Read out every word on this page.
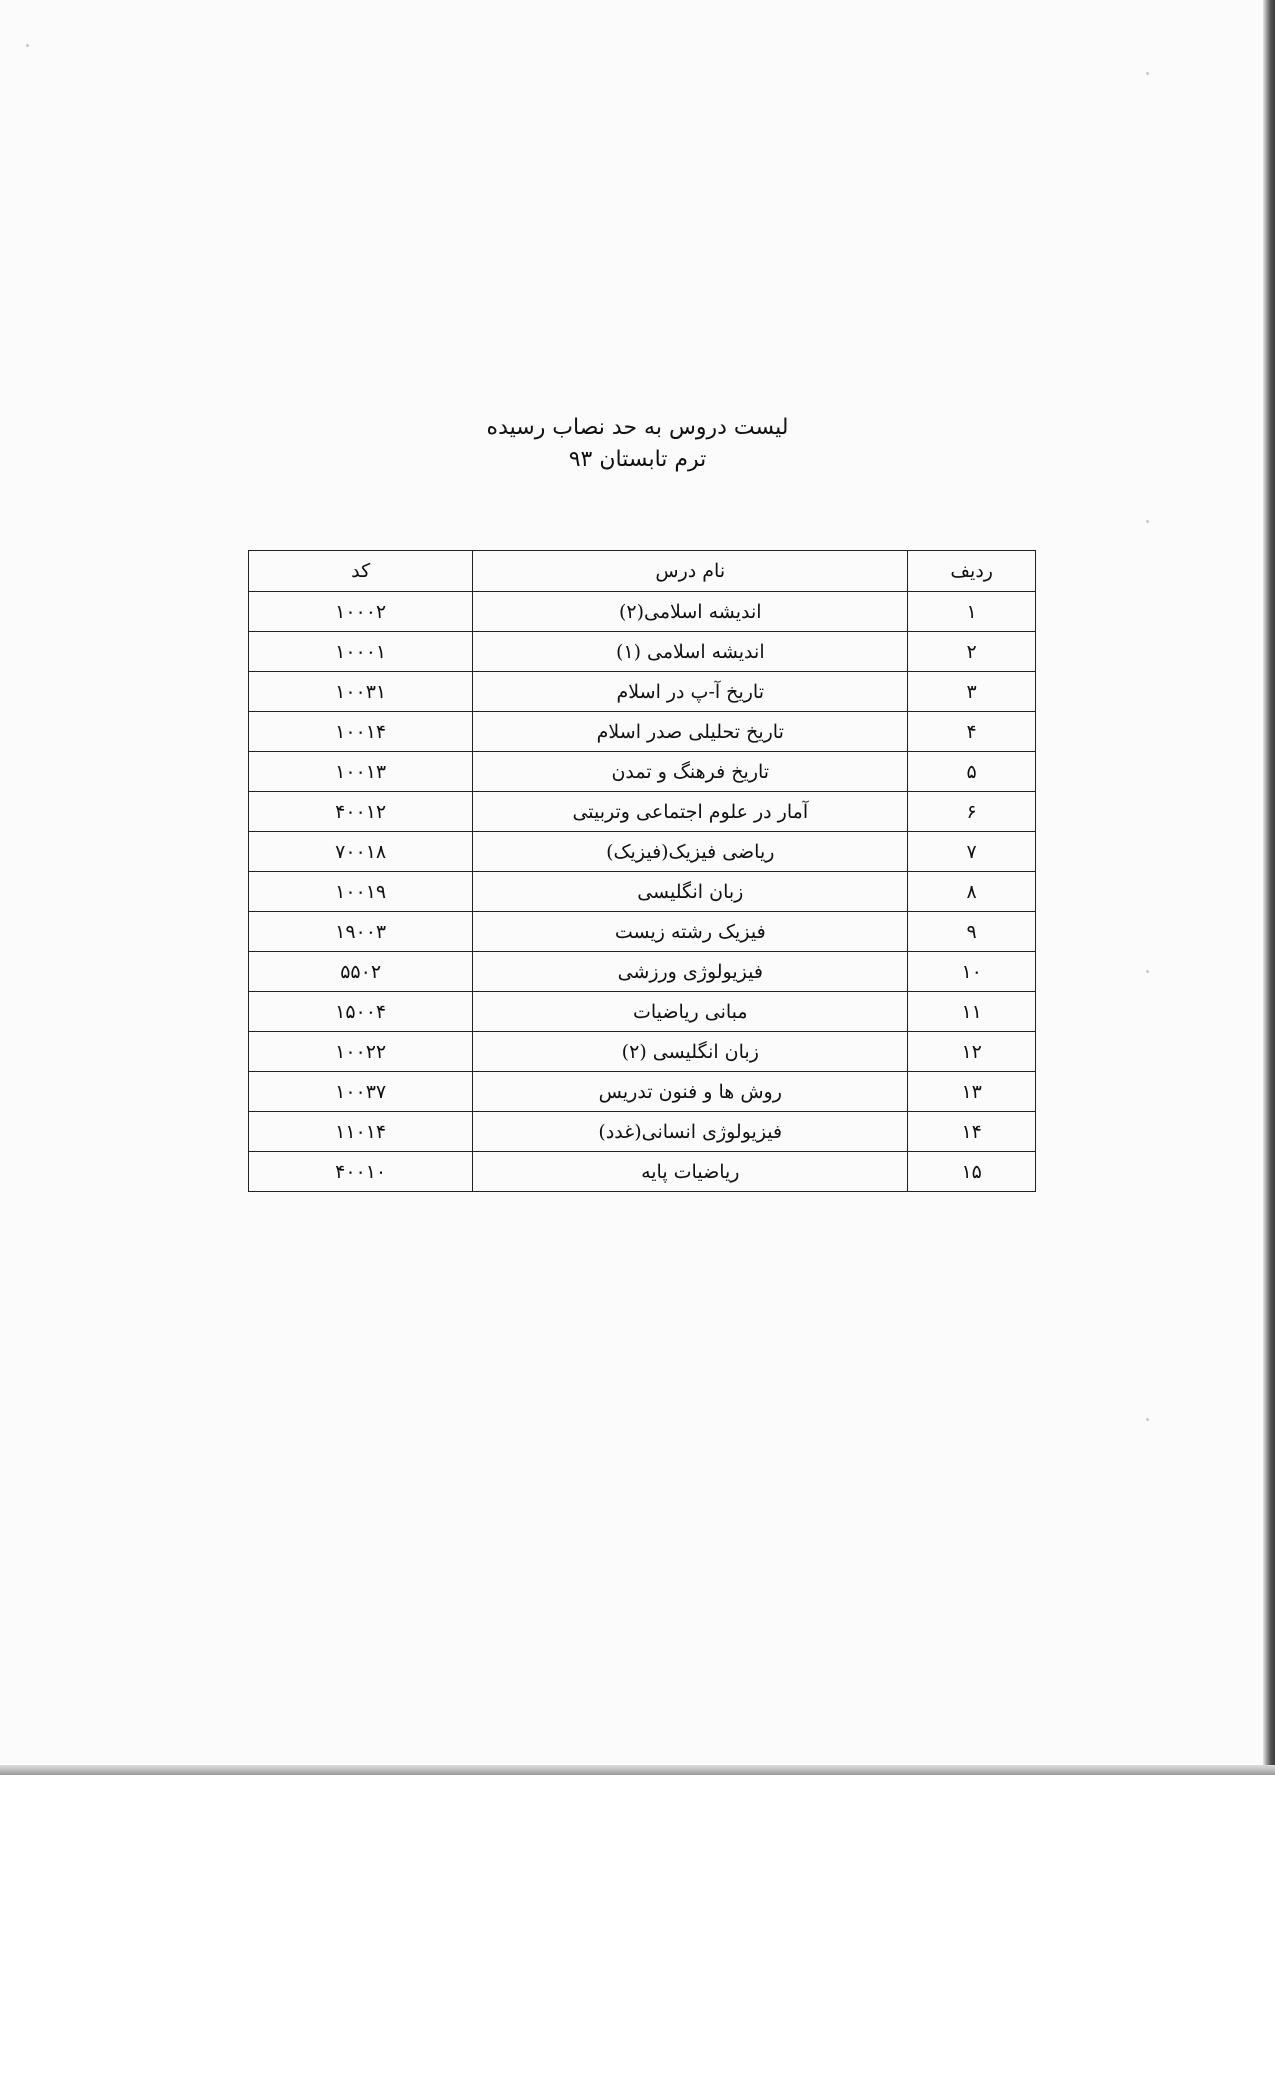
لیست دروس به حد نصاب رسیده
ترم تابستان ۹۳
ردیف	نام درس	کد
۱	اندیشه اسلامی(۲)	۱۰۰۰۲
۲	اندیشه اسلامی (۱)	۱۰۰۰۱
۳	تاریخ آ-پ در اسلام	۱۰۰۳۱
۴	تاریخ تحلیلی صدر اسلام	۱۰۰۱۴
۵	تاریخ فرهنگ و تمدن	۱۰۰۱۳
۶	آمار در علوم اجتماعی وتربیتی	۴۰۰۱۲
۷	ریاضی فیزیک(فیزیک)	۷۰۰۱۸
۸	زبان انگلیسی	۱۰۰۱۹
۹	فیزیک رشته زیست	۱۹۰۰۳
۱۰	فیزیولوژی ورزشی	۵۵۰۲
۱۱	مبانی ریاضیات	۱۵۰۰۴
۱۲	زبان انگلیسی (۲)	۱۰۰۲۲
۱۳	روش ها و فنون تدریس	۱۰۰۳۷
۱۴	فیزیولوژی انسانی(غدد)	۱۱۰۱۴
۱۵	ریاضیات پایه	۴۰۰۱۰
